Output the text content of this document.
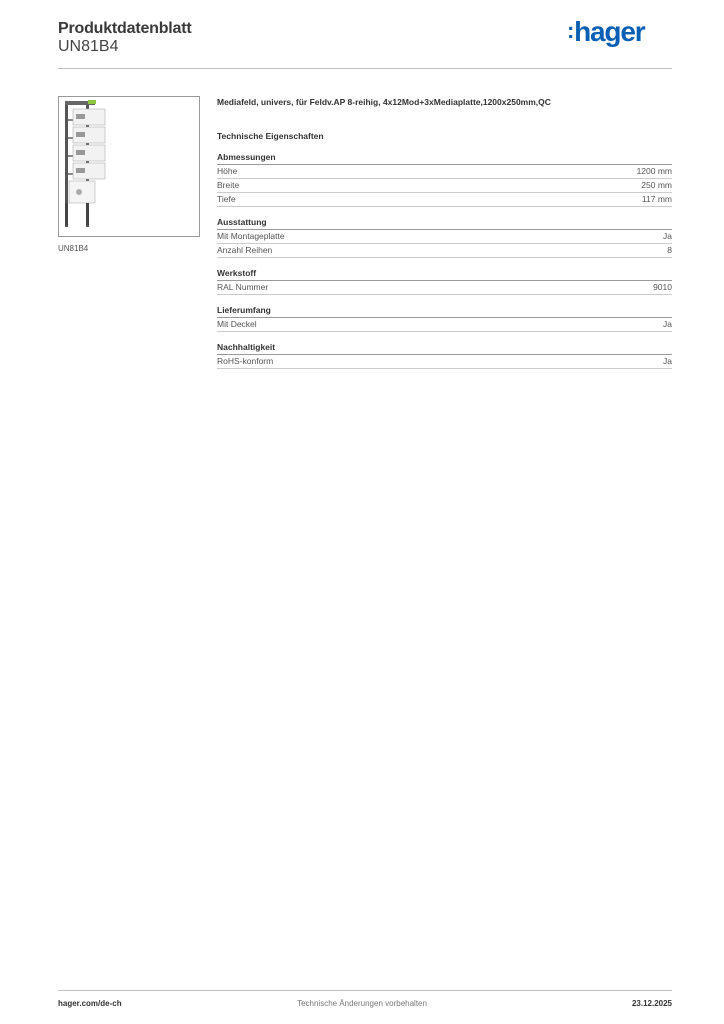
Produktdatenblatt
UN81B4
: hager
UN81B4

Mediafeld, univers, für Feldv.AP 8-reihig, 4x12Mod+3xMediaplatte,1200x250mm,QC

Technische Eigenschaften
Abmessungen
Höhe	1200 mm
Breite	250 mm
Tiefe	117 mm
Ausstattung
Mit Montageplatte	Ja
Anzahl Reihen	8
Werkstoff
RAL Nummer	9010
Lieferumfang
Mit Deckel	Ja
Nachhaltigkeit
RoHS-konform	Ja
Technische Änderungen vorbehalten
hager.com/de-ch	23.12.2025
